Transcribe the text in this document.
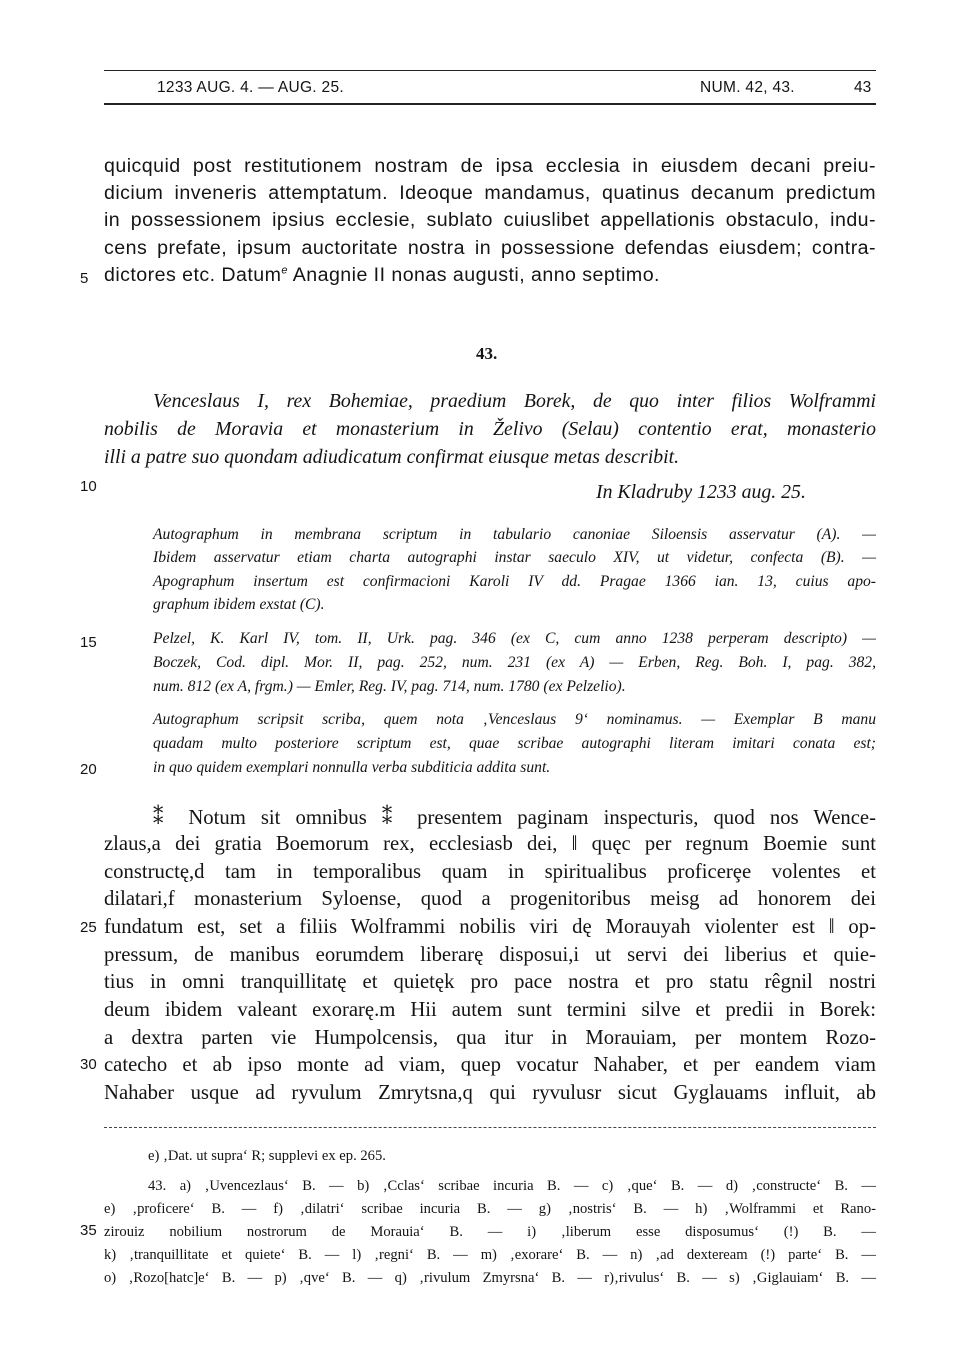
1233 AUG. 4. — AUG. 25.	NUM. 42, 43.	43
quicquid post restitutionem nostram de ipsa ecclesia in eiusdem decani preiu-
dicium inveneris attemptatum. Ideoque mandamus, quatinus decanum predictum
in possessionem ipsius ecclesie, sublato cuiuslibet appellationis obstaculo, indu-
cens prefate, ipsum auctoritate nostra in possessione defendas eiusdem; contra-
dictores etc. Datum$^e$ Anagnie II nonas augusti, anno septimo.
5
10
15
20
25
30
35
43.
Venceslaus I, rex Bohemiae, praedium Borek, de quo inter filios Wolframmi
nobilis de Moravia et monasterium in Želivo (Selau) contentio erat, monasterio
illi a patre suo quondam adiudicatum confirmat eiusque metas describit.
In Kladruby 1233 aug. 25.
Autographum in membrana scriptum in tabulario canoniae Siloensis asservatur (A). —
Ibidem asservatur etiam charta autographi instar saeculo XIV, ut videtur, confecta (B). —
Apographum insertum est confirmacioni Karoli IV dd. Pragae 1366 ian. 13, cuius apo-
graphum ibidem exstat (C).
Pelzel, K. Karl IV, tom. II, Urk. pag. 346 (ex C, cum anno 1238 perperam descripto) —
Boczek, Cod. dipl. Mor. II, pag. 252, num. 231 (ex A) — Erben, Reg. Boh. I, pag. 382,
num. 812 (ex A, frgm.) — Emler, Reg. IV, pag. 714, num. 1780 (ex Pelzelio).
Autographum scripsit scriba, quem nota ‚Venceslaus 9‘ nominamus. — Exemplar B manu
quadam multo posteriore scriptum est, quae scribae autographi literam imitari conata est;
in quo quidem exemplari nonnulla verba subditicia addita sunt.
⁑ Notum sit omnibus ⁑ presentem paginam inspecturis, quod nos Wence-
zlaus,a dei gratia Boemorum rex, ecclesiasb dei, ‖ quęc per regnum Boemie sunt
constructę,d tam in temporalibus quam in spiritualibus proficerȩe volentes et
dilatari,f monasterium Syloense, quod a progenitoribus meisg ad honorem dei
fundatum est, set a filiis Wolframmi nobilis viri dę Morauyah violenter est ‖ op-
pressum, de manibus eorumdem liberarę disposui,i ut servi dei liberius et quie-
tius in omni tranquillitatę et quietęk pro pace nostra et pro statu rêgnil nostri
deum ibidem valeant exorarę.m Hii autem sunt termini silve et predii in Borek:
a dextra parten vie Humpolcensis, qua itur in Morauiam, per montem Rozo-
catecho et ab ipso monte ad viam, quep vocatur Nahaber, et per eandem viam
Nahaber usque ad ryvulum Zmrytsna,q qui ryvulusr sicut Gyglauams influit, ab
e) ‚Dat. ut supra‘ R; supplevi ex ep. 265.
43. a) ‚Uvencezlaus‘ B. — b) ‚Cclas‘ scribae incuria B. — c) ‚que‘ B. — d) ‚constructe‘ B. —
e) ‚proficere‘ B. — f) ‚dilatri‘ scribae incuria B. — g) ‚nostris‘ B. — h) ‚Wolframmi et Rano-
zirouiz nobilium nostrorum de Morauia‘ B. — i) ‚liberum esse disposumus‘ (!) B. —
k) ‚tranquillitate et quiete‘ B. — l) ‚regni‘ B. — m) ‚exorare‘ B. — n) ‚ad dexteream (!) parte‘ B. —
o) ‚Rozo[hatc]e‘ B. — p) ‚qve‘ B. — q) ‚rivulum Zmyrsna‘ B. — r)‚rivulus‘ B. — s) ‚Giglauiam‘ B. —
